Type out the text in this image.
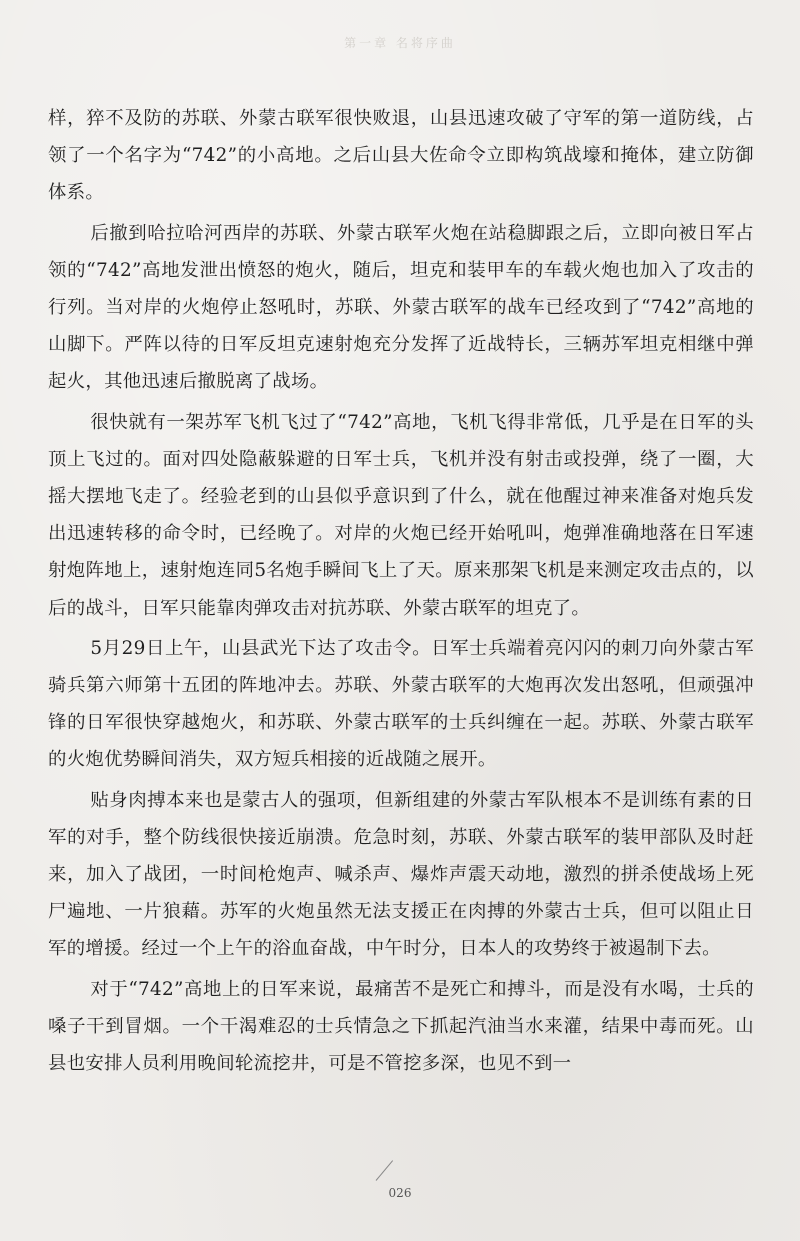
第一章 名将序曲

样，猝不及防的苏联、外蒙古联军很快败退，山县迅速攻破了守军的第一道防线，占领了一个名字为“742”的小高地。之后山县大佐命令立即构筑战壕和掩体，建立防御体系。

后撤到哈拉哈河西岸的苏联、外蒙古联军火炮在站稳脚跟之后，立即向被日军占领的“742”高地发泄出愤怒的炮火，随后，坦克和装甲车的车载火炮也加入了攻击的行列。当对岸的火炮停止怒吼时，苏联、外蒙古联军的战车已经攻到了“742”高地的山脚下。严阵以待的日军反坦克速射炮充分发挥了近战特长，三辆苏军坦克相继中弹起火，其他迅速后撤脱离了战场。

很快就有一架苏军飞机飞过了“742”高地，飞机飞得非常低，几乎是在日军的头顶上飞过的。面对四处隐蔽躲避的日军士兵，飞机并没有射击或投弹，绕了一圈，大摇大摆地飞走了。经验老到的山县似乎意识到了什么，就在他醒过神来准备对炮兵发出迅速转移的命令时，已经晚了。对岸的火炮已经开始吼叫，炮弹准确地落在日军速射炮阵地上，速射炮连同5名炮手瞬间飞上了天。原来那架飞机是来测定攻击点的，以后的战斗，日军只能靠肉弹攻击对抗苏联、外蒙古联军的坦克了。

5月29日上午，山县武光下达了攻击令。日军士兵端着亮闪闪的刺刀向外蒙古军骑兵第六师第十五团的阵地冲去。苏联、外蒙古联军的大炮再次发出怒吼，但顽强冲锋的日军很快穿越炮火，和苏联、外蒙古联军的士兵纠缠在一起。苏联、外蒙古联军的火炮优势瞬间消失，双方短兵相接的近战随之展开。

贴身肉搏本来也是蒙古人的强项，但新组建的外蒙古军队根本不是训练有素的日军的对手，整个防线很快接近崩溃。危急时刻，苏联、外蒙古联军的装甲部队及时赶来，加入了战团，一时间枪炮声、喊杀声、爆炸声震天动地，激烈的拼杀使战场上死尸遍地、一片狼藉。苏军的火炮虽然无法支援正在肉搏的外蒙古士兵，但可以阻止日军的增援。经过一个上午的浴血奋战，中午时分，日本人的攻势终于被遏制下去。

对于“742”高地上的日军来说，最痛苦不是死亡和搏斗，而是没有水喝，士兵的嗓子干到冒烟。一个干渴难忍的士兵情急之下抓起汽油当水来灌，结果中毒而死。山县也安排人员利用晚间轮流挖井，可是不管挖多深，也见不到一

026
